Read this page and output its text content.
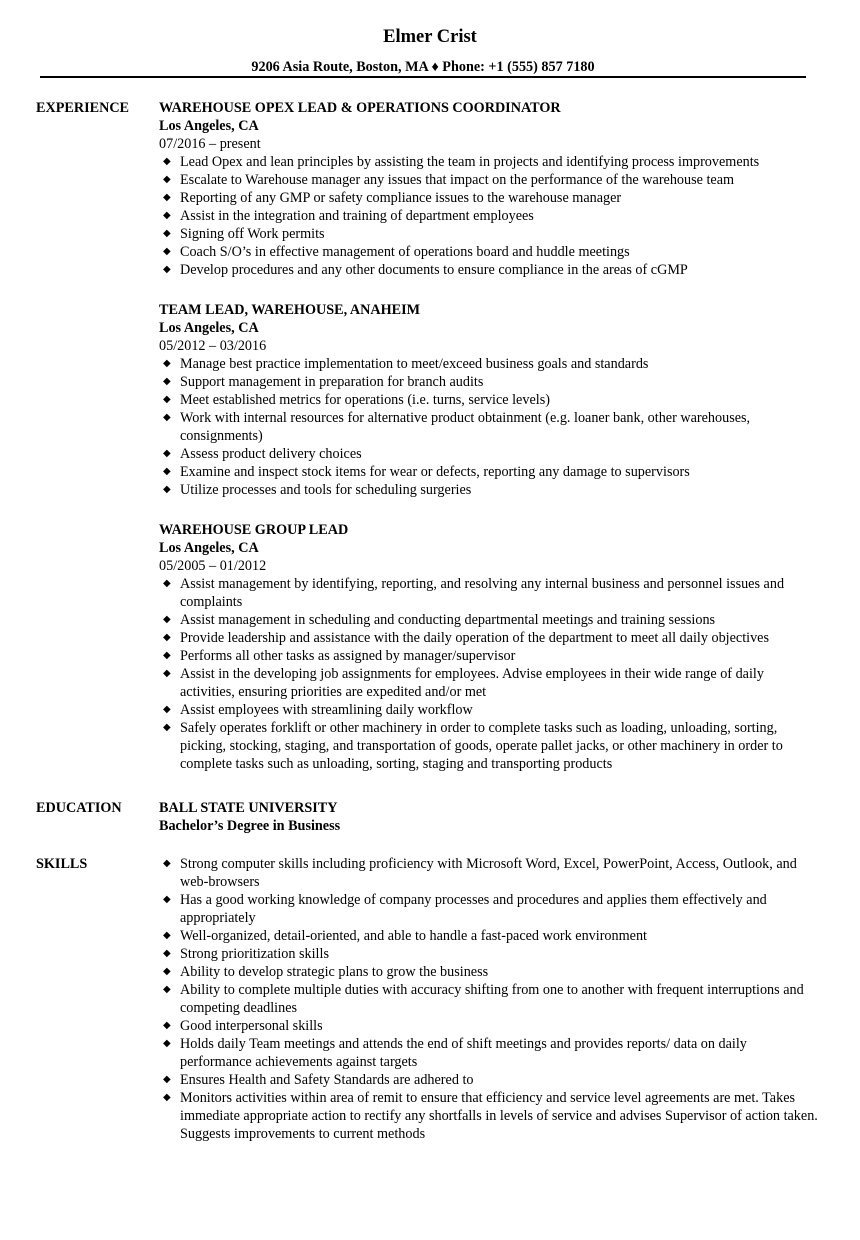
Elmer Crist
9206 Asia Route, Boston, MA ♦ Phone: +1 (555) 857 7180
EXPERIENCE WAREHOUSE OPEX LEAD & OPERATIONS COORDINATOR
Los Angeles, CA
07/2016 – present
◆ Lead Opex and lean principles by assisting the team in projects and identifying process improvements
◆ Escalate to Warehouse manager any issues that impact on the performance of the warehouse team
◆ Reporting of any GMP or safety compliance issues to the warehouse manager
◆ Assist in the integration and training of department employees
◆ Signing off Work permits
◆ Coach S/O’s in effective management of operations board and huddle meetings
◆ Develop procedures and any other documents to ensure compliance in the areas of cGMP
TEAM LEAD, WAREHOUSE, ANAHEIM
Los Angeles, CA
05/2012 – 03/2016
◆ Manage best practice implementation to meet/exceed business goals and standards
◆ Support management in preparation for branch audits
◆ Meet established metrics for operations (i.e. turns, service levels)
◆ Work with internal resources for alternative product obtainment (e.g. loaner bank, other warehouses, consignments)
◆ Assess product delivery choices
◆ Examine and inspect stock items for wear or defects, reporting any damage to supervisors
◆ Utilize processes and tools for scheduling surgeries
WAREHOUSE GROUP LEAD
Los Angeles, CA
05/2005 – 01/2012
◆ Assist management by identifying, reporting, and resolving any internal business and personnel issues and complaints
◆ Assist management in scheduling and conducting departmental meetings and training sessions
◆ Provide leadership and assistance with the daily operation of the department to meet all daily objectives
◆ Performs all other tasks as assigned by manager/supervisor
◆ Assist in the developing job assignments for employees. Advise employees in their wide range of daily activities, ensuring priorities are expedited and/or met
◆ Assist employees with streamlining daily workflow
◆ Safely operates forklift or other machinery in order to complete tasks such as loading, unloading, sorting, picking, stocking, staging, and transportation of goods, operate pallet jacks, or other machinery in order to complete tasks such as unloading, sorting, staging and transporting products
EDUCATION	BALL STATE UNIVERSITY
Bachelor’s Degree in Business
SKILLS	◆ Strong computer skills including proficiency with Microsoft Word, Excel, PowerPoint, Access, Outlook, and web-browsers
◆ Has a good working knowledge of company processes and procedures and applies them effectively and appropriately
◆ Well-organized, detail-oriented, and able to handle a fast-paced work environment
◆ Strong prioritization skills
◆ Ability to develop strategic plans to grow the business
◆ Ability to complete multiple duties with accuracy shifting from one to another with frequent interruptions and competing deadlines
◆ Good interpersonal skills
◆ Holds daily Team meetings and attends the end of shift meetings and provides reports/ data on daily performance achievements against targets
◆ Ensures Health and Safety Standards are adhered to
◆ Monitors activities within area of remit to ensure that efficiency and service level agreements are met. Takes immediate appropriate action to rectify any shortfalls in levels of service and advises Supervisor of action taken. Suggests improvements to current methods
